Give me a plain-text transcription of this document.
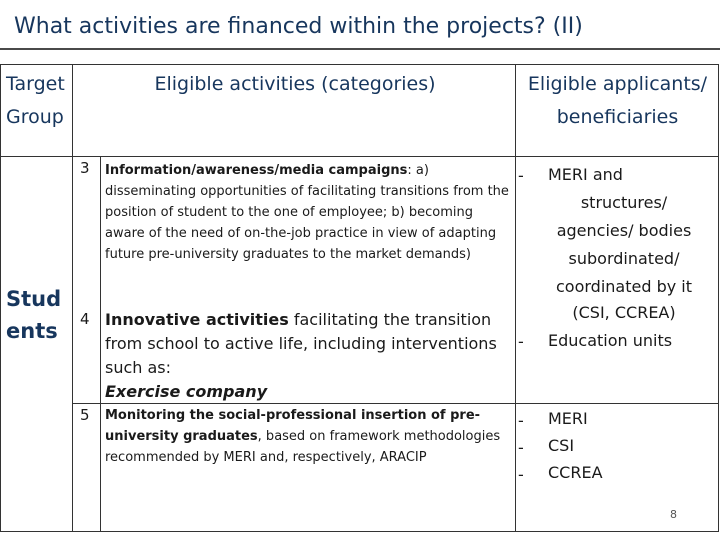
What activities are financed within the projects? (II)
Target
Group
Eligible activities (categories)	Eligible applicants/
beneficiaries
Stud
ents
3 Information/awareness/media campaigns: a) disseminating opportunities of facilitating transitions from the position of student to the one of employee; b) becoming aware of the need of on-the-job practice in view of adapting future pre-university graduates to the market demands)
4 Innovative activities facilitating the transition from school to active life, including interventions such as:
Exercise company
5 Monitoring the social-professional insertion of pre-university graduates, based on framework methodologies recommended by MERI and, respectively, ARACIP
- MERI and
structures/
agencies/ bodies
subordinated/
coordinated by it
(CSI, CCREA)
- Education units
- MERI
- CSI
- CCREA
8
